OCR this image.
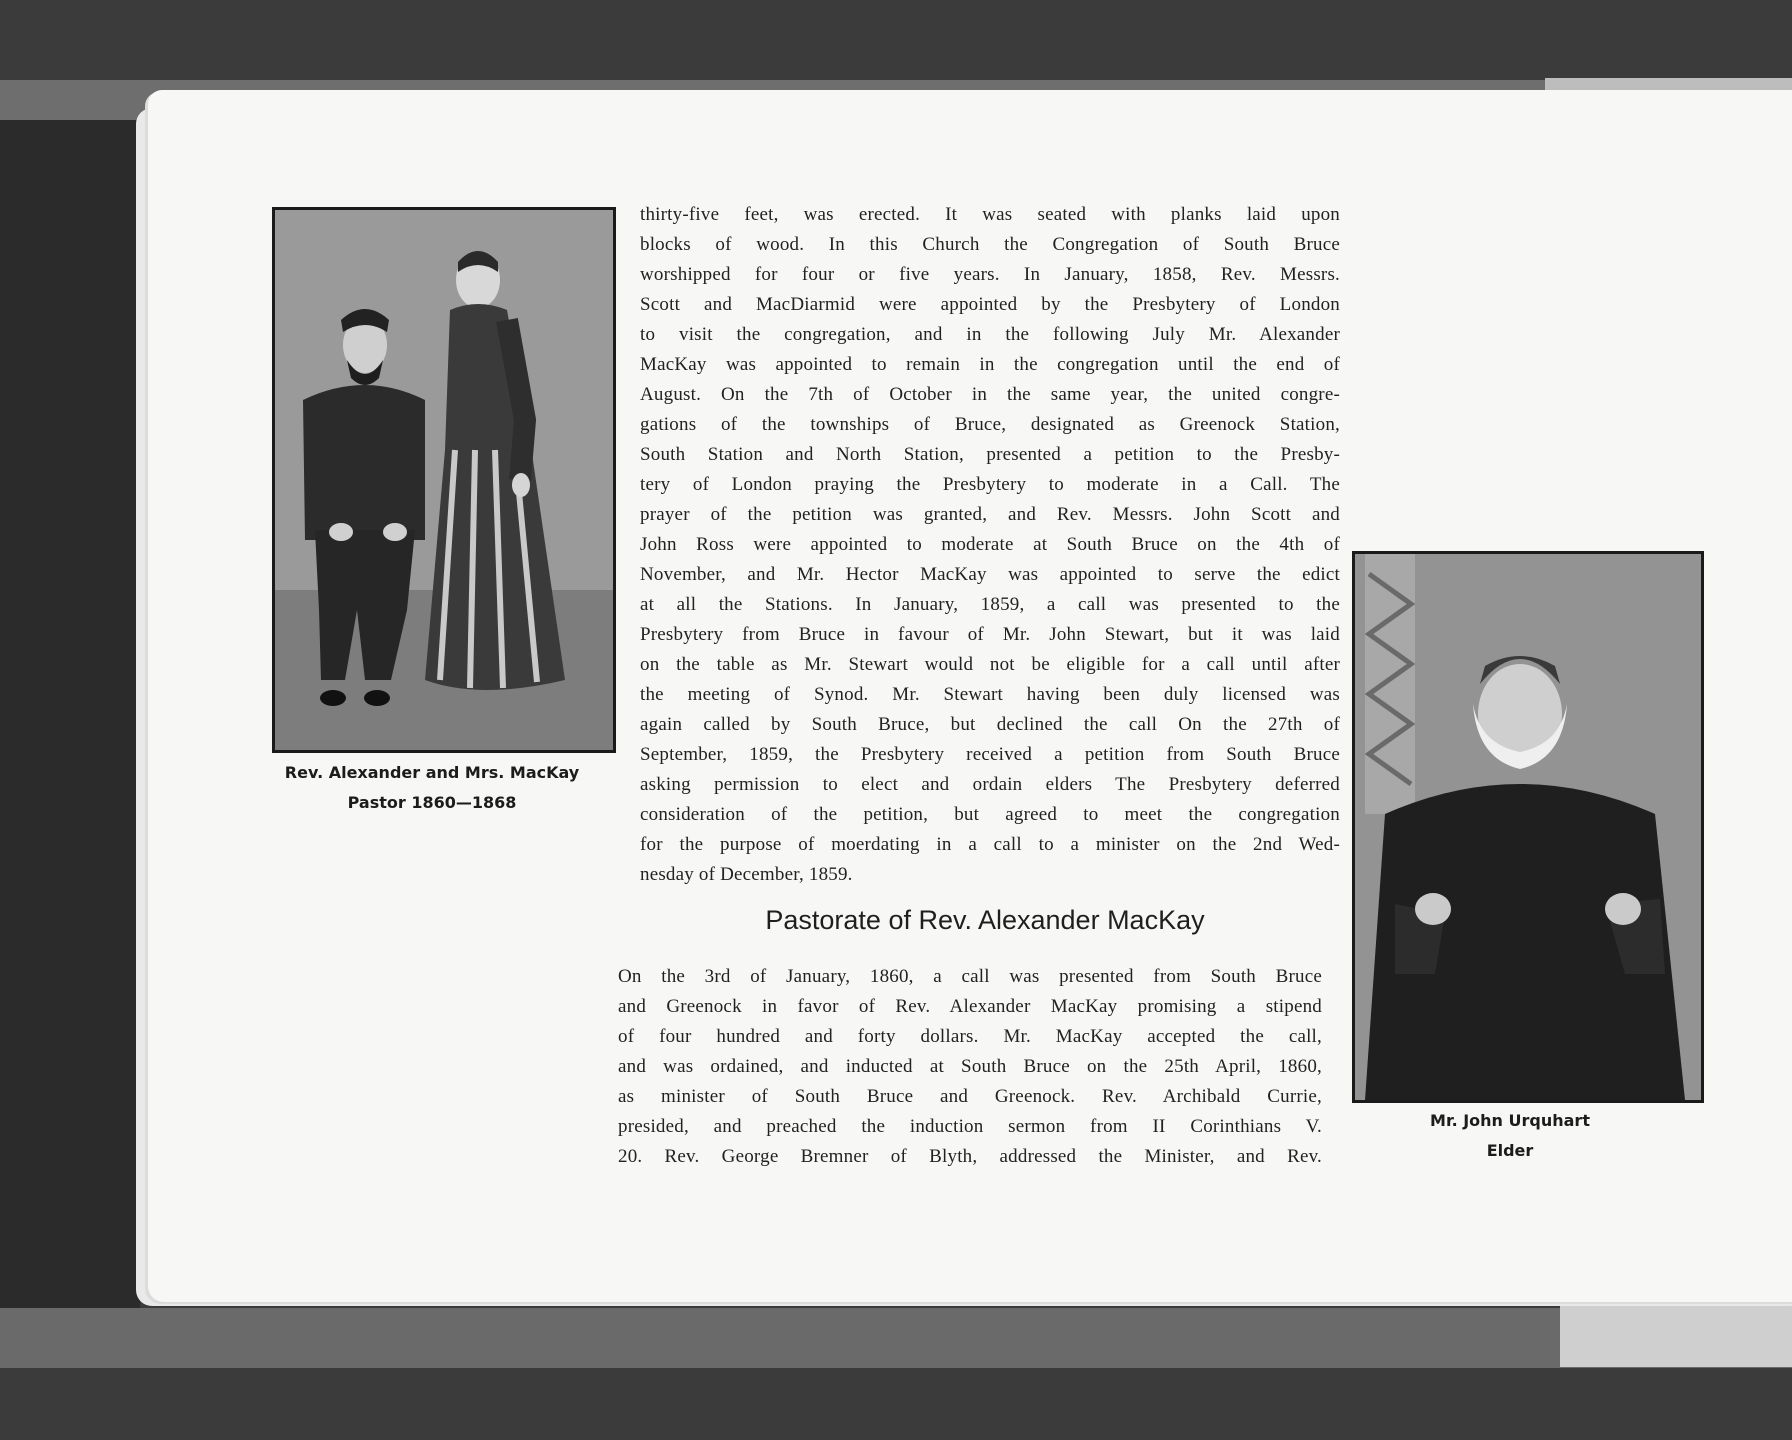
Rev. Alexander and Mrs. MacKay
Pastor 1860—1868
thirty-five feet, was erected. It was seated with planks laid upon
blocks of wood. In this Church the Congregation of South Bruce
worshipped for four or five years. In January, 1858, Rev. Messrs.
Scott and MacDiarmid were appointed by the Presbytery of London
to visit the congregation, and in the following July Mr. Alexander
MacKay was appointed to remain in the congregation until the end of
August. On the 7th of October in the same year, the united congre-
gations of the townships of Bruce, designated as Greenock Station,
South Station and North Station, presented a petition to the Presby-
tery of London praying the Presbytery to moderate in a Call. The
prayer of the petition was granted, and Rev. Messrs. John Scott and
John Ross were appointed to moderate at South Bruce on the 4th of
November, and Mr. Hector MacKay was appointed to serve the edict
at all the Stations. In January, 1859, a call was presented to the
Presbytery from Bruce in favour of Mr. John Stewart, but it was laid
on the table as Mr. Stewart would not be eligible for a call until after
the meeting of Synod. Mr. Stewart having been duly licensed was
again called by South Bruce, but declined the call On the 27th of
September, 1859, the Presbytery received a petition from South Bruce
asking permission to elect and ordain elders The Presbytery deferred
consideration of the petition, but agreed to meet the congregation
for the purpose of moerdating in a call to a minister on the 2nd Wed-
nesday of December, 1859.
Pastorate of Rev. Alexander MacKay
On the 3rd of January, 1860, a call was presented from South Bruce
and Greenock in favor of Rev. Alexander MacKay promising a stipend
of four hundred and forty dollars. Mr. MacKay accepted the call,
and was ordained, and inducted at South Bruce on the 25th April, 1860,
as minister of South Bruce and Greenock. Rev. Archibald Currie,
presided, and preached the induction sermon from II Corinthians V.
20. Rev. George Bremner of Blyth, addressed the Minister, and Rev.
Mr. John Urquhart
Elder
